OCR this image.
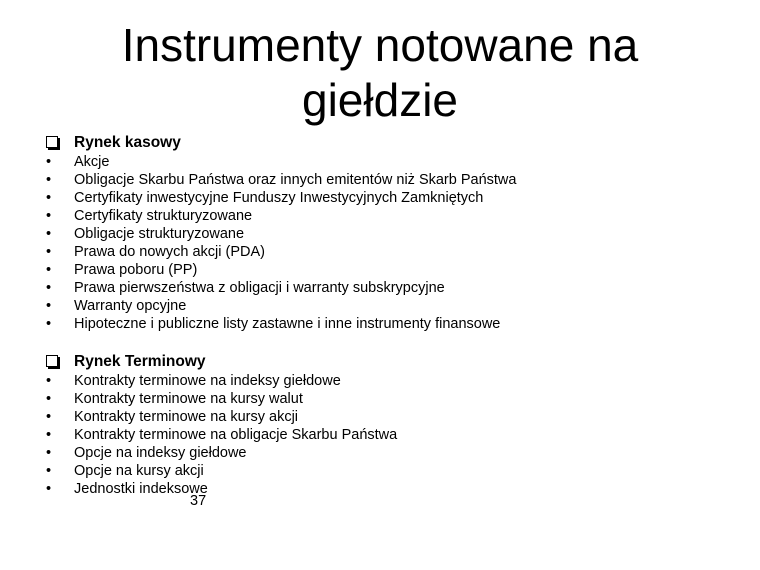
Instrumenty notowane na giełdzie
Rynek kasowy
•	Akcje
•	Obligacje Skarbu Państwa oraz innych emitentów niż Skarb Państwa
•	Certyfikaty inwestycyjne Funduszy Inwestycyjnych Zamkniętych
•	Certyfikaty strukturyzowane
•	Obligacje strukturyzowane
•	Prawa do nowych akcji (PDA)
•	Prawa poboru (PP)
•	Prawa pierwszeństwa z obligacji i warranty subskrypcyjne
•	Warranty opcyjne
•	Hipoteczne i publiczne listy zastawne i inne instrumenty finansowe
Rynek Terminowy
•	Kontrakty terminowe na indeksy giełdowe
•	Kontrakty terminowe na kursy walut
•	Kontrakty terminowe na kursy akcji
•	Kontrakty terminowe na obligacje Skarbu Państwa
•	Opcje na indeksy giełdowe
•	Opcje na kursy akcji
•	Jednostki indeksowe
37
